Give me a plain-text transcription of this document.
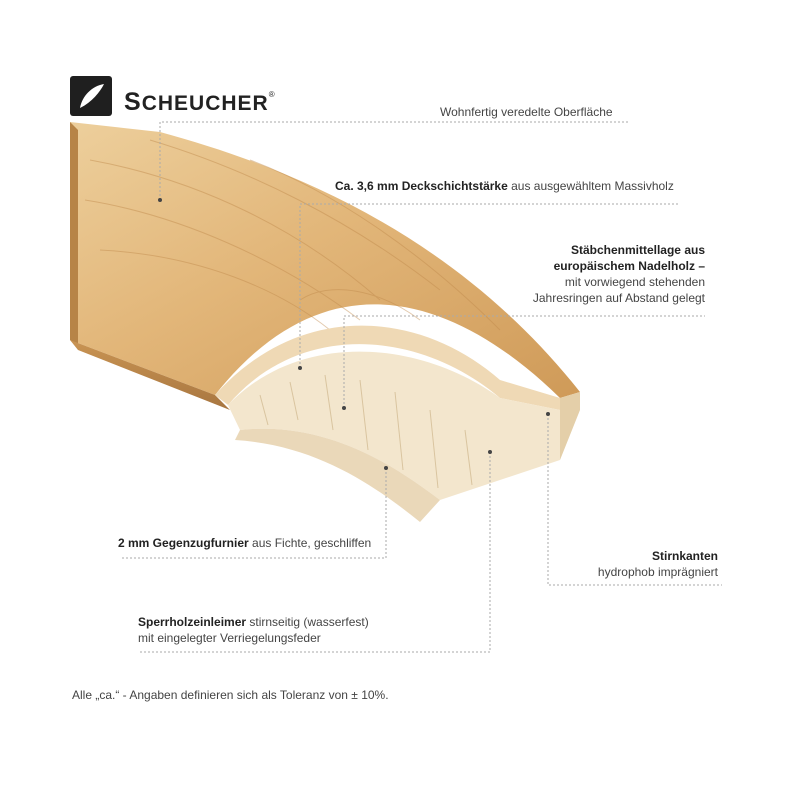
SCHEUCHER®
Wohnfertig veredelte Oberfläche
Ca. 3,6 mm Deckschichtstärke aus ausgewähltem Massivholz
Stäbchenmittellage aus
europäischem Nadelholz –
mit vorwiegend stehenden
Jahresringen auf Abstand gelegt
2 mm Gegenzugfurnier aus Fichte, geschliffen
Stirnkanten
hydrophob imprägniert
Sperrholzeinleimer stirnseitig (wasserfest)
mit eingelegter Verriegelungsfeder
Alle „ca.“ - Angaben definieren sich als Toleranz von ± 10%.
